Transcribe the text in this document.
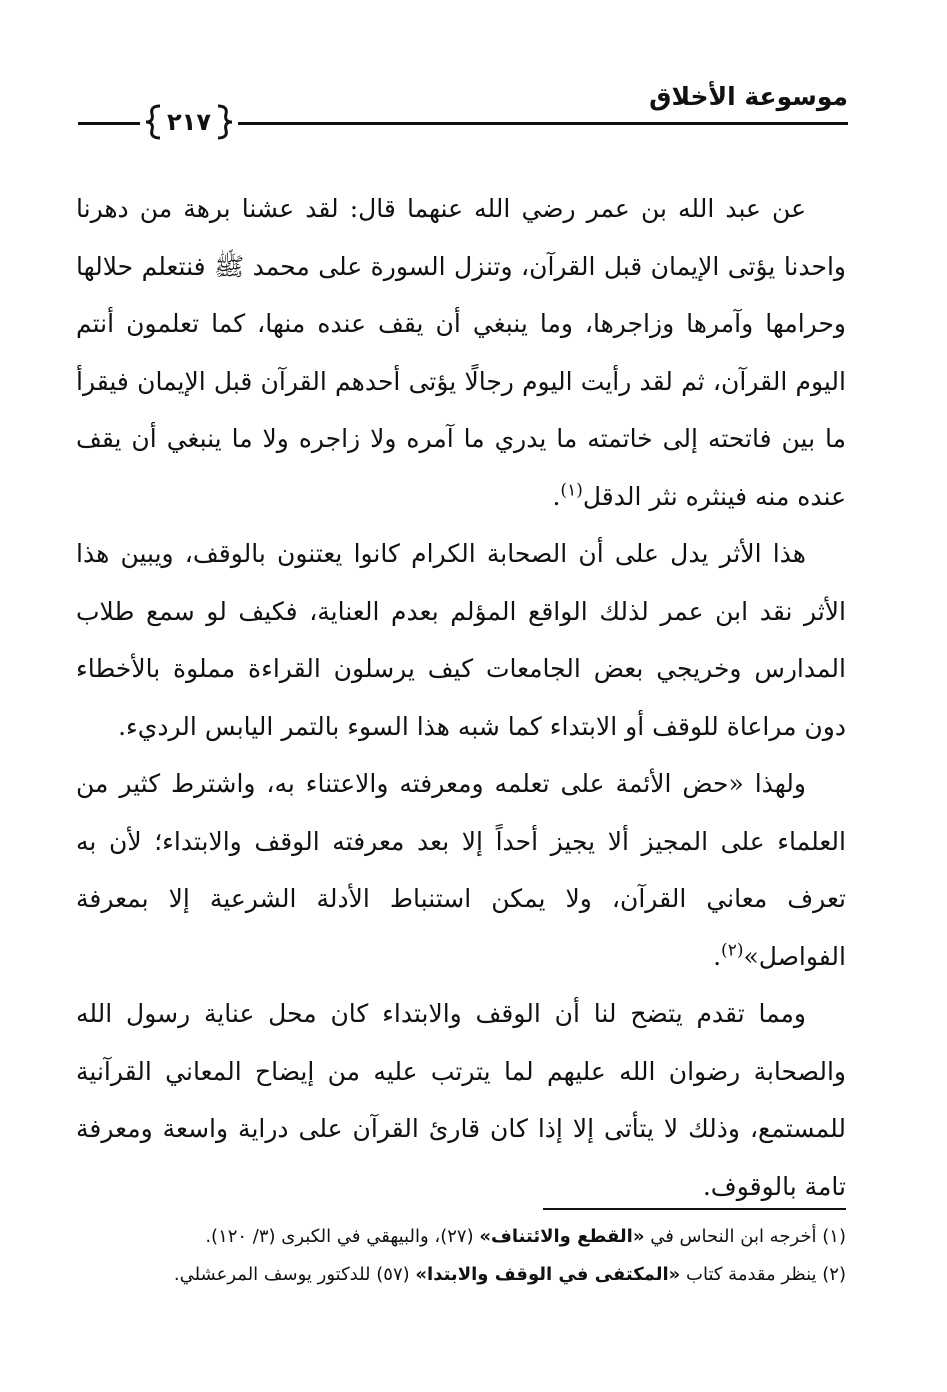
موسوعة الأخلاق
٢١٧

عن عبد الله بن عمر رضي الله عنهما قال: لقد عشنا برهة من دهرنا واحدنا يؤتى الإيمان قبل القرآن، وتنزل السورة على محمد ﷺ فنتعلم حلالها وحرامها وآمرها وزاجرها، وما ينبغي أن يقف عنده منها، كما تعلمون أنتم اليوم القرآن، ثم لقد رأيت اليوم رجالًا يؤتى أحدهم القرآن قبل الإيمان فيقرأ ما بين فاتحته إلى خاتمته ما يدري ما آمره ولا زاجره ولا ما ينبغي أن يقف عنده منه فينثره نثر الدقل$^{(١)}$.

هذا الأثر يدل على أن الصحابة الكرام كانوا يعتنون بالوقف، ويبين هذا الأثر نقد ابن عمر لذلك الواقع المؤلم بعدم العناية، فكيف لو سمع طلاب المدارس وخريجي بعض الجامعات كيف يرسلون القراءة مملوة بالأخطاء دون مراعاة للوقف أو الابتداء كما شبه هذا السوء بالتمر اليابس الرديء.

ولهذا «حض الأئمة على تعلمه ومعرفته والاعتناء به، واشترط كثير من العلماء على المجيز ألا يجيز أحداً إلا بعد معرفته الوقف والابتداء؛ لأن به تعرف معاني القرآن، ولا يمكن استنباط الأدلة الشرعية إلا بمعرفة الفواصل»$^{(٢)}$.

ومما تقدم يتضح لنا أن الوقف والابتداء كان محل عناية رسول الله والصحابة رضوان الله عليهم لما يترتب عليه من إيضاح المعاني القرآنية للمستمع، وذلك لا يتأتى إلا إذا كان قارئ القرآن على دراية واسعة ومعرفة تامة بالوقوف.

(١) أخرجه ابن النحاس في «القطع والائتناف» (٢٧)، والبيهقي في الكبرى (٣/ ١٢٠).

(٢) ينظر مقدمة كتاب «المكتفى في الوقف والابتدا» (٥٧) للدكتور يوسف المرعشلي.
